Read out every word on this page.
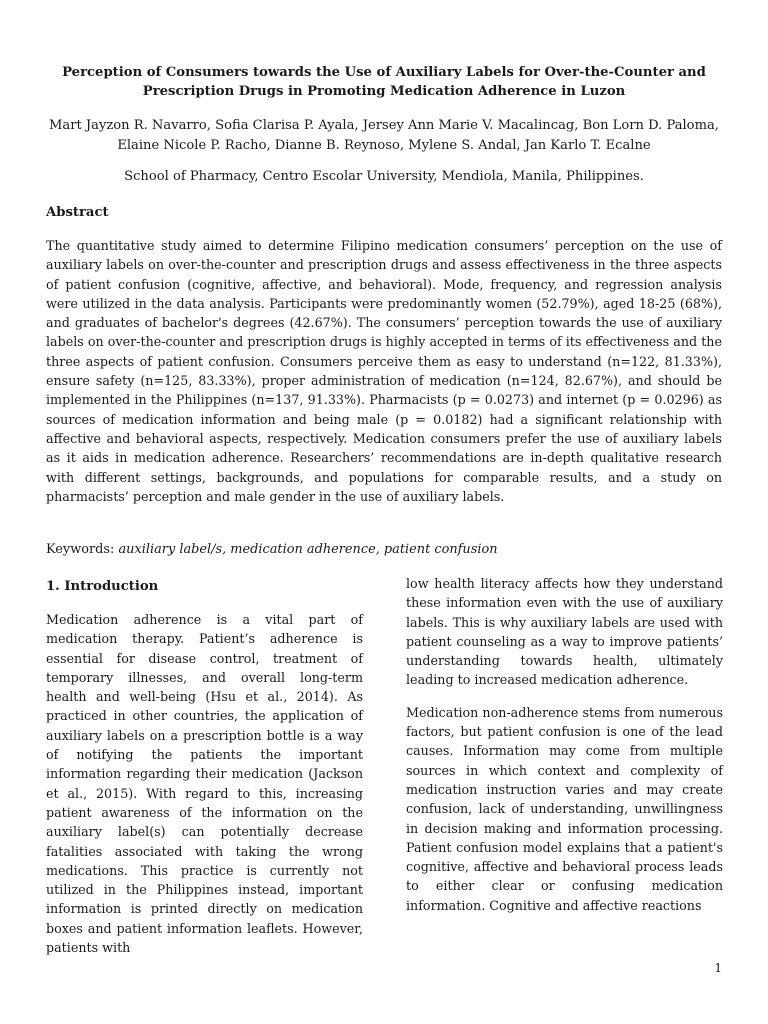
Perception of Consumers towards the Use of Auxiliary Labels for Over-the-Counter and Prescription Drugs in Promoting Medication Adherence in Luzon
Mart Jayzon R. Navarro, Sofia Clarisa P. Ayala, Jersey Ann Marie V. Macalincag, Bon Lorn D. Paloma, Elaine Nicole P. Racho, Dianne B. Reynoso, Mylene S. Andal, Jan Karlo T. Ecalne
School of Pharmacy, Centro Escolar University, Mendiola, Manila, Philippines.
Abstract

The quantitative study aimed to determine Filipino medication consumers’ perception on the use of auxiliary labels on over-the-counter and prescription drugs and assess effectiveness in the three aspects of patient confusion (cognitive, affective, and behavioral). Mode, frequency, and regression analysis were utilized in the data analysis. Participants were predominantly women (52.79%), aged 18-25 (68%), and graduates of bachelor's degrees (42.67%). The consumers’ perception towards the use of auxiliary labels on over-the-counter and prescription drugs is highly accepted in terms of its effectiveness and the three aspects of patient confusion. Consumers perceive them as easy to understand (n=122, 81.33%), ensure safety (n=125, 83.33%), proper administration of medication (n=124, 82.67%), and should be implemented in the Philippines (n=137, 91.33%). Pharmacists (p = 0.0273) and internet (p = 0.0296) as sources of medication information and being male (p = 0.0182) had a significant relationship with affective and behavioral aspects, respectively. Medication consumers prefer the use of auxiliary labels as it aids in medication adherence. Researchers’ recommendations are in-depth qualitative research with different settings, backgrounds, and populations for comparable results, and a study on pharmacists’ perception and male gender in the use of auxiliary labels.

Keywords: auxiliary label/s, medication adherence, patient confusion
1. Introduction

Medication adherence is a vital part of medication therapy. Patient’s adherence is essential for disease control, treatment of temporary illnesses, and overall long-term health and well-being (Hsu et al., 2014). As practiced in other countries, the application of auxiliary labels on a prescription bottle is a way of notifying the patients the important information regarding their medication (Jackson et al., 2015). With regard to this, increasing patient awareness of the information on the auxiliary label(s) can potentially decrease fatalities associated with taking the wrong medications. This practice is currently not utilized in the Philippines instead, important information is printed directly on medication boxes and patient information leaflets. However, patients with

low health literacy affects how they understand these information even with the use of auxiliary labels. This is why auxiliary labels are used with patient counseling as a way to improve patients’ understanding towards health, ultimately leading to increased medication adherence.

Medication non-adherence stems from numerous factors, but patient confusion is one of the lead causes. Information may come from multiple sources in which context and complexity of medication instruction varies and may create confusion, lack of understanding, unwillingness in decision making and information processing. Patient confusion model explains that a patient's cognitive, affective and behavioral process leads to either clear or confusing medication information. Cognitive and affective reactions

1
